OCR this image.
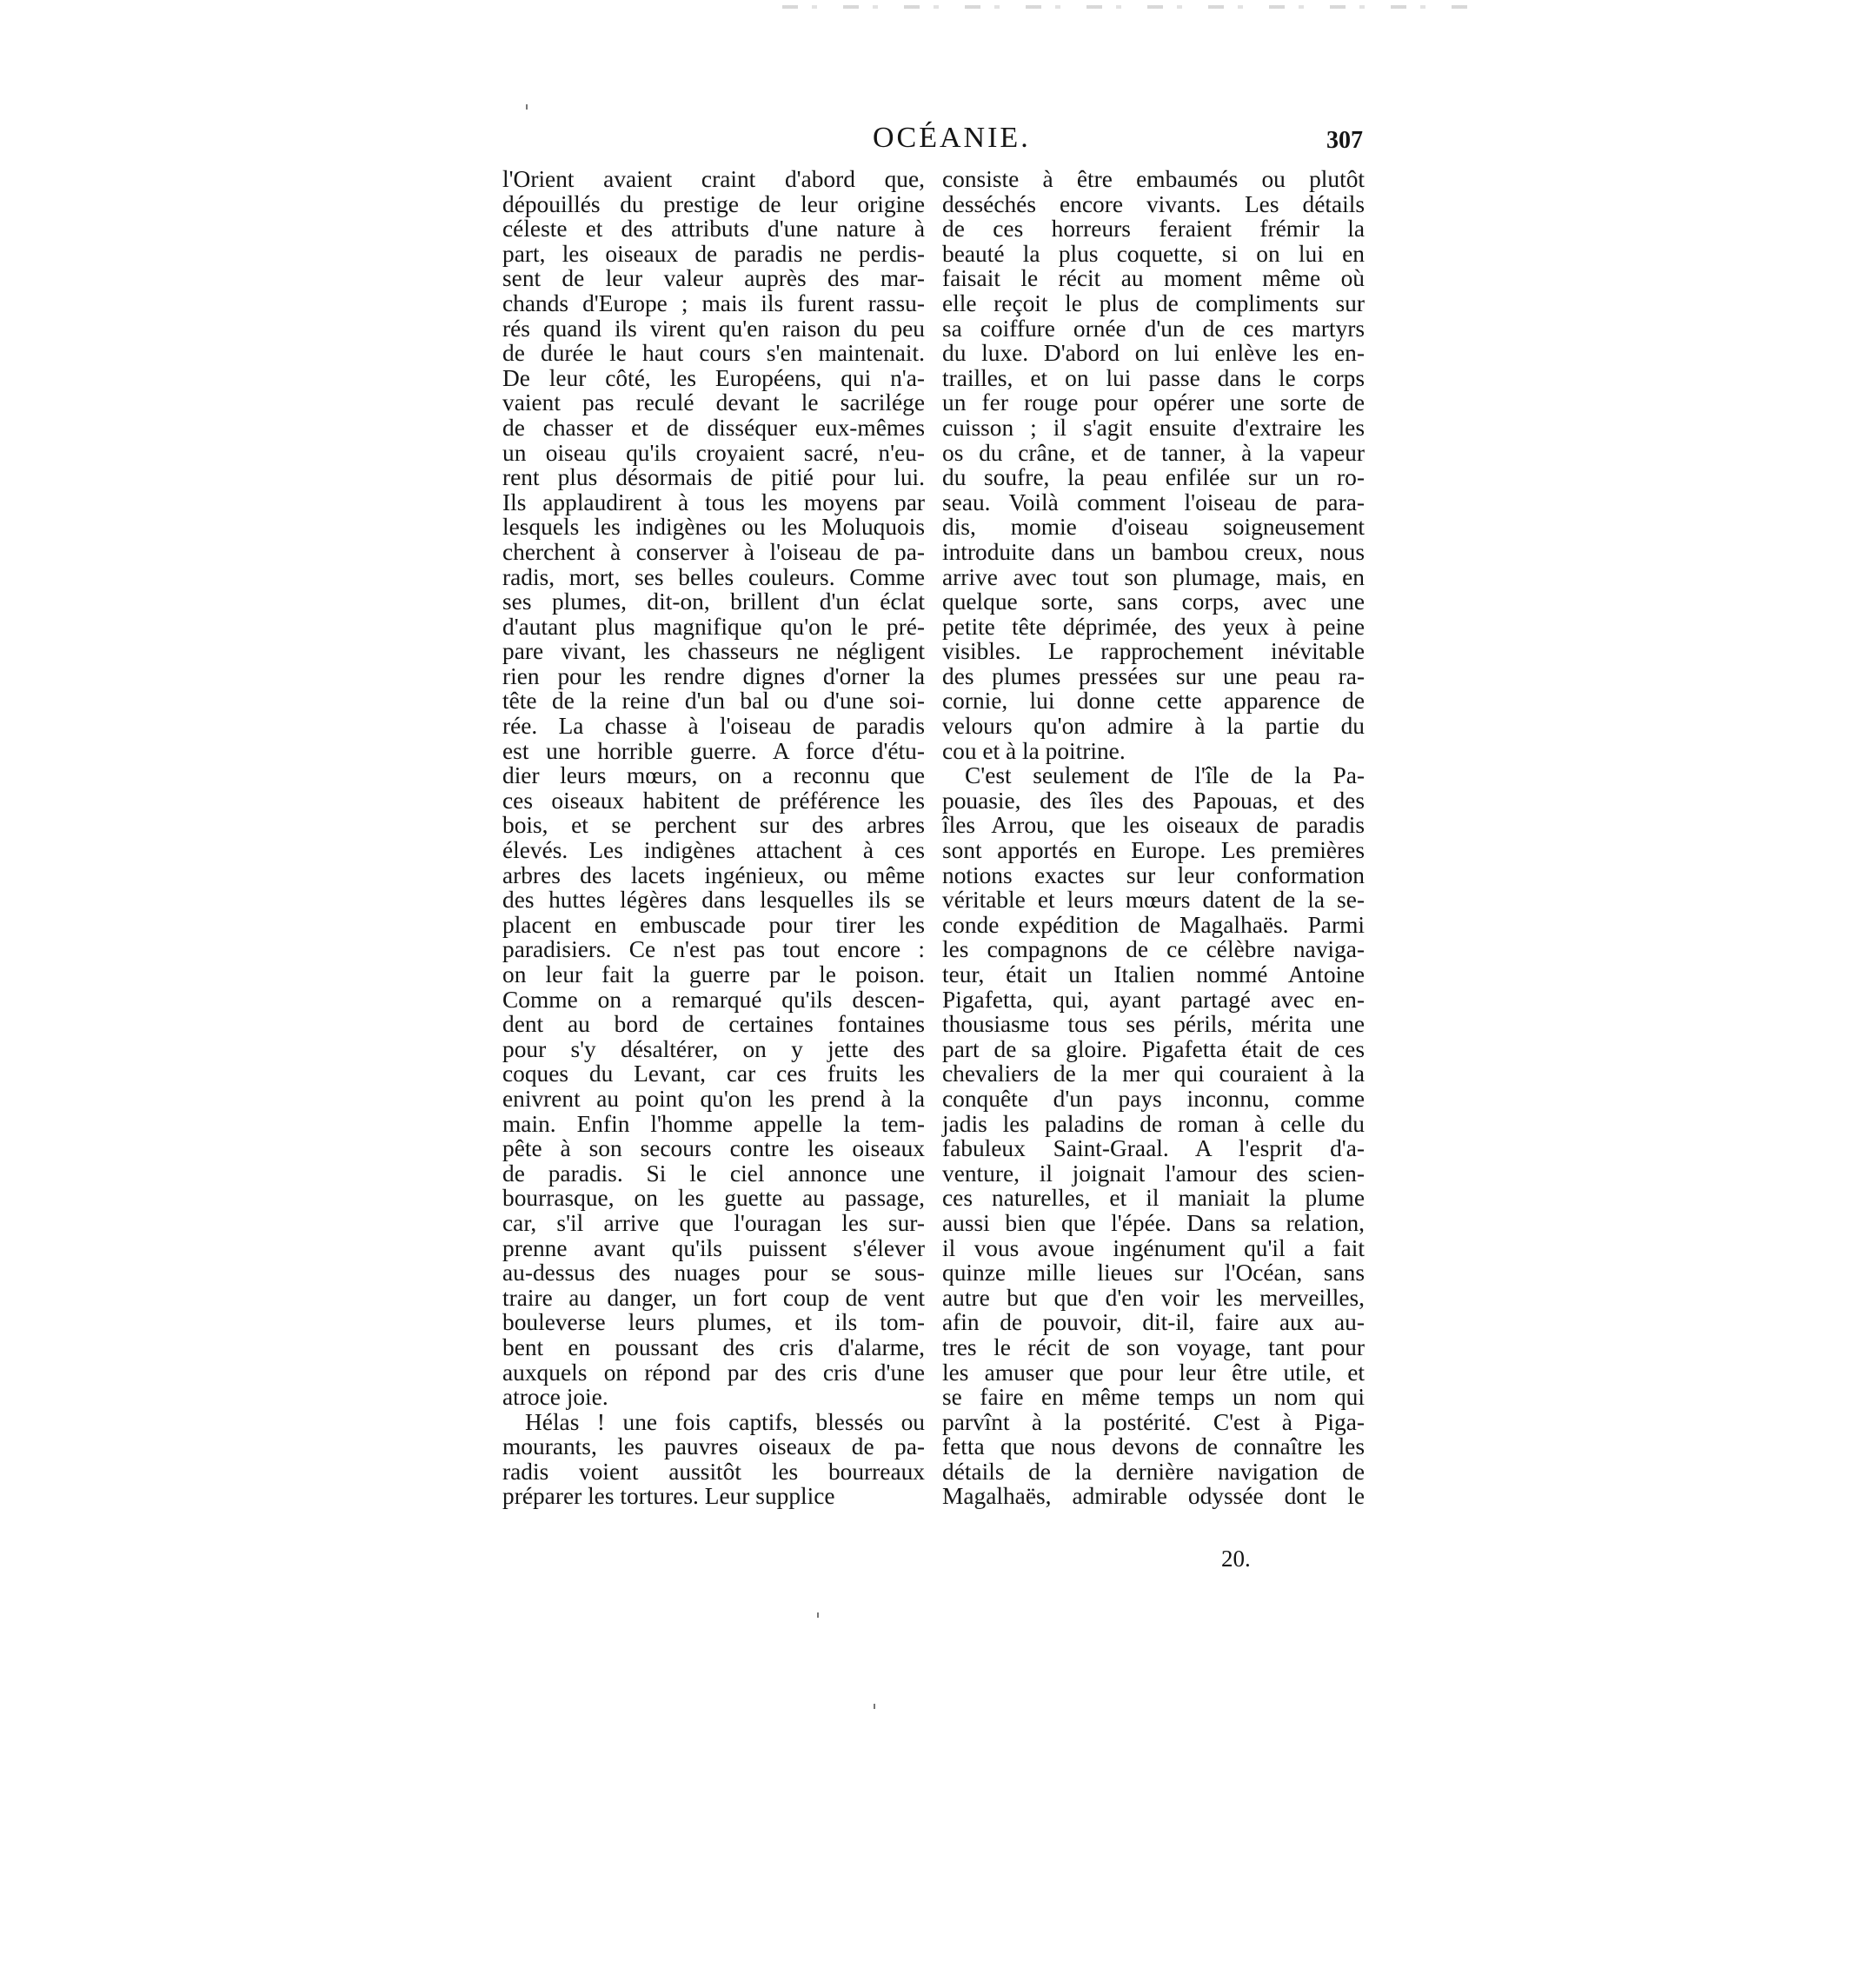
OCÉANIE.	307
l'Orient avaient craint d'abord que,
dépouillés du prestige de leur origine
céleste et des attributs d'une nature à
part, les oiseaux de paradis ne perdis-
sent de leur valeur auprès des mar-
chands d'Europe ; mais ils furent rassu-
rés quand ils virent qu'en raison du peu
de durée le haut cours s'en maintenait.
De leur côté, les Européens, qui n'a-
vaient pas reculé devant le sacrilége
de chasser et de disséquer eux-mêmes
un oiseau qu'ils croyaient sacré, n'eu-
rent plus désormais de pitié pour lui.
Ils applaudirent à tous les moyens par
lesquels les indigènes ou les Moluquois
cherchent à conserver à l'oiseau de pa-
radis, mort, ses belles couleurs. Comme
ses plumes, dit-on, brillent d'un éclat
d'autant plus magnifique qu'on le pré-
pare vivant, les chasseurs ne négligent
rien pour les rendre dignes d'orner la
tête de la reine d'un bal ou d'une soi-
rée. La chasse à l'oiseau de paradis
est une horrible guerre. A force d'étu-
dier leurs mœurs, on a reconnu que
ces oiseaux habitent de préférence les
bois, et se perchent sur des arbres
élevés. Les indigènes attachent à ces
arbres des lacets ingénieux, ou même
des huttes légères dans lesquelles ils se
placent en embuscade pour tirer les
paradisiers. Ce n'est pas tout encore :
on leur fait la guerre par le poison.
Comme on a remarqué qu'ils descen-
dent au bord de certaines fontaines
pour s'y désaltérer, on y jette des
coques du Levant, car ces fruits les
enivrent au point qu'on les prend à la
main. Enfin l'homme appelle la tem-
pête à son secours contre les oiseaux
de paradis. Si le ciel annonce une
bourrasque, on les guette au passage,
car, s'il arrive que l'ouragan les sur-
prenne avant qu'ils puissent s'élever
au-dessus des nuages pour se sous-
traire au danger, un fort coup de vent
bouleverse leurs plumes, et ils tom-
bent en poussant des cris d'alarme,
auxquels on répond par des cris d'une
atroce joie.
Hélas ! une fois captifs, blessés ou
mourants, les pauvres oiseaux de pa-
radis voient aussitôt les bourreaux
préparer les tortures. Leur supplice
consiste à être embaumés ou plutôt
desséchés encore vivants. Les détails
de ces horreurs feraient frémir la
beauté la plus coquette, si on lui en
faisait le récit au moment même où
elle reçoit le plus de compliments sur
sa coiffure ornée d'un de ces martyrs
du luxe. D'abord on lui enlève les en-
trailles, et on lui passe dans le corps
un fer rouge pour opérer une sorte de
cuisson ; il s'agit ensuite d'extraire les
os du crâne, et de tanner, à la vapeur
du soufre, la peau enfilée sur un ro-
seau. Voilà comment l'oiseau de para-
dis, momie d'oiseau soigneusement
introduite dans un bambou creux, nous
arrive avec tout son plumage, mais, en
quelque sorte, sans corps, avec une
petite tête déprimée, des yeux à peine
visibles. Le rapprochement inévitable
des plumes pressées sur une peau ra-
cornie, lui donne cette apparence de
velours qu'on admire à la partie du
cou et à la poitrine.
C'est seulement de l'île de la Pa-
pouasie, des îles des Papouas, et des
îles Arrou, que les oiseaux de paradis
sont apportés en Europe. Les premières
notions exactes sur leur conformation
véritable et leurs mœurs datent de la se-
conde expédition de Magalhaës. Parmi
les compagnons de ce célèbre naviga-
teur, était un Italien nommé Antoine
Pigafetta, qui, ayant partagé avec en-
thousiasme tous ses périls, mérita une
part de sa gloire. Pigafetta était de ces
chevaliers de la mer qui couraient à la
conquête d'un pays inconnu, comme
jadis les paladins de roman à celle du
fabuleux Saint-Graal. A l'esprit d'a-
venture, il joignait l'amour des scien-
ces naturelles, et il maniait la plume
aussi bien que l'épée. Dans sa relation,
il vous avoue ingénument qu'il a fait
quinze mille lieues sur l'Océan, sans
autre but que d'en voir les merveilles,
afin de pouvoir, dit-il, faire aux au-
tres le récit de son voyage, tant pour
les amuser que pour leur être utile, et
se faire en même temps un nom qui
parvînt à la postérité. C'est à Piga-
fetta que nous devons de connaître les
détails de la dernière navigation de
Magalhaës, admirable odyssée dont le
20.
